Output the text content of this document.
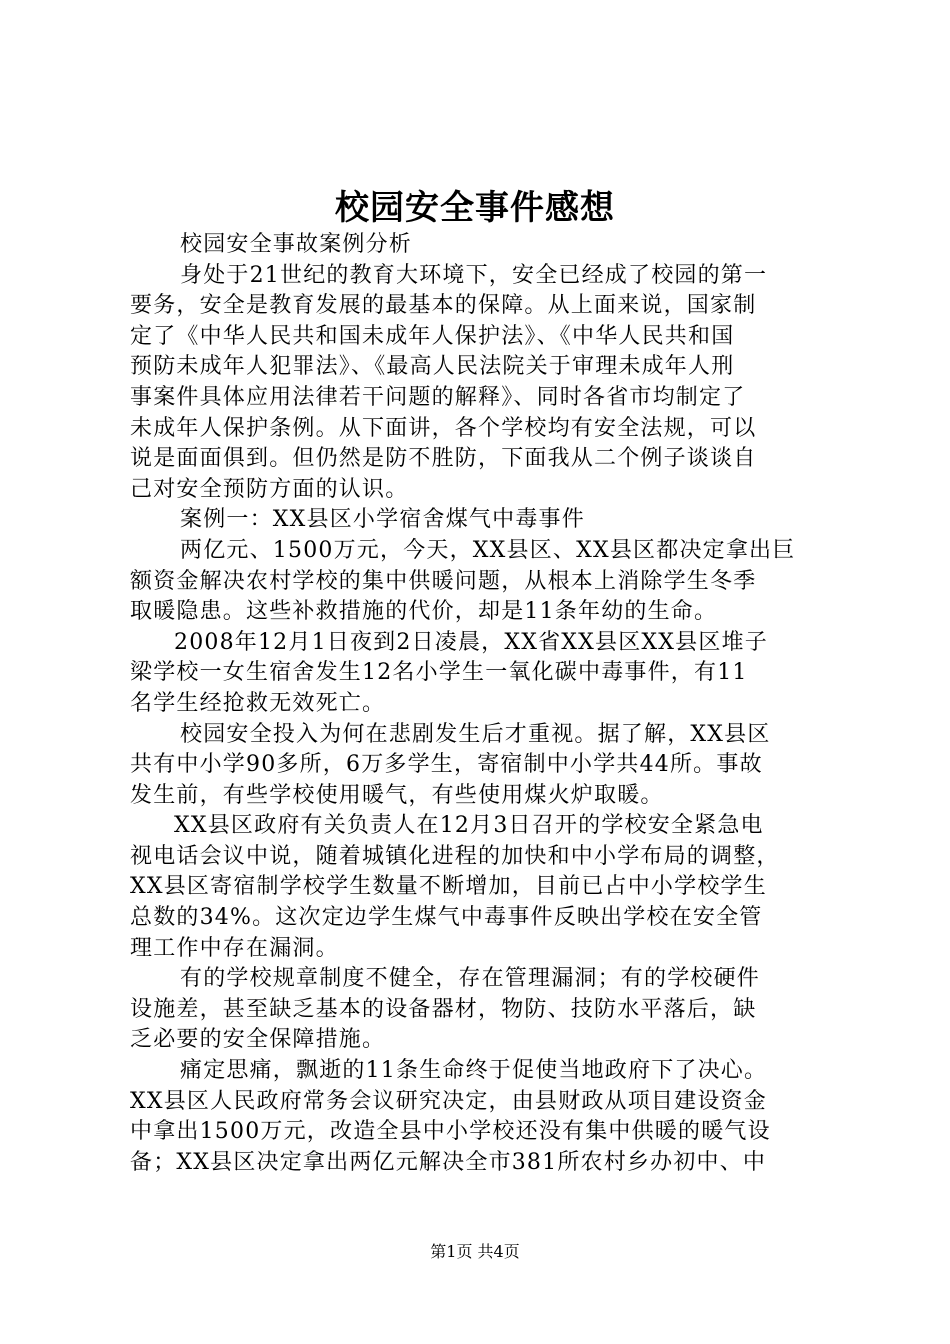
校园安全事件感想
校园安全事故案例分析
身处于21世纪的教育大环境下，安全已经成了校园的第一
要务，安全是教育发展的最基本的保障。从上面来说，国家制
定了《中华人民共和国未成年人保护法》、《中华人民共和国
预防未成年人犯罪法》、《最高人民法院关于审理未成年人刑
事案件具体应用法律若干问题的解释》、同时各省市均制定了
未成年人保护条例。从下面讲，各个学校均有安全法规，可以
说是面面俱到。但仍然是防不胜防，下面我从二个例子谈谈自
己对安全预防方面的认识。
案例一：XX县区小学宿舍煤气中毒事件
两亿元、1500万元，今天，XX县区、XX县区都决定拿出巨
额资金解决农村学校的集中供暖问题，从根本上消除学生冬季
取暖隐患。这些补救措施的代价，却是11条年幼的生命。
2008年12月1日夜到2日凌晨，XX省XX县区XX县区堆子
梁学校一女生宿舍发生12名小学生一氧化碳中毒事件，有11
名学生经抢救无效死亡。
校园安全投入为何在悲剧发生后才重视。据了解，XX县区
共有中小学90多所，6万多学生，寄宿制中小学共44所。事故
发生前，有些学校使用暖气，有些使用煤火炉取暖。
XX县区政府有关负责人在12月3日召开的学校安全紧急电
视电话会议中说，随着城镇化进程的加快和中小学布局的调整，
XX县区寄宿制学校学生数量不断增加，目前已占中小学校学生
总数的34%。这次定边学生煤气中毒事件反映出学校在安全管
理工作中存在漏洞。
有的学校规章制度不健全，存在管理漏洞；有的学校硬件
设施差，甚至缺乏基本的设备器材，物防、技防水平落后，缺
乏必要的安全保障措施。
痛定思痛，飘逝的11条生命终于促使当地政府下了决心。
XX县区人民政府常务会议研究决定，由县财政从项目建设资金
中拿出1500万元，改造全县中小学校还没有集中供暖的暖气设
备；XX县区决定拿出两亿元解决全市381所农村乡办初中、中
第1页 共4页
